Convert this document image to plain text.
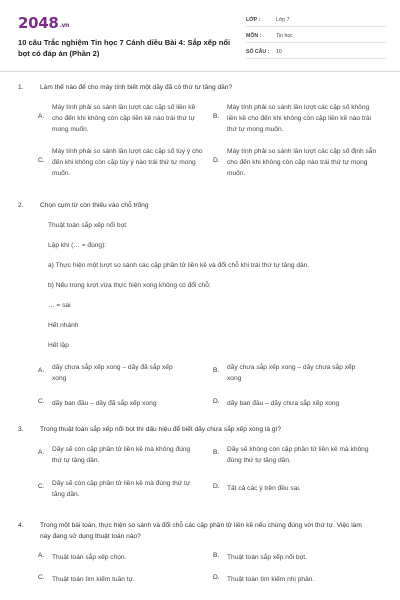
2048.vn
10 câu Trắc nghiệm Tin học 7 Cánh diều Bài 4: Sắp xếp nổi bọt có đáp án (Phần 2)
LỚP :	Lớp 7
MÔN :	Tin học
SỐ CÂU : 10
1.	Làm thế nào để cho máy tính biết một dãy đã có thứ tự tăng dần?
A.
Máy tính phải so sánh lần lượt các cặp số liền kề cho đến khi không còn cặp liền kề nào trái thứ tự mong muốn.
B.
Máy tính phải so sánh lần lượt các cặp số không liền kề cho đến khi không còn cặp liền kề nào trái thứ tự mong muốn.
C.
Máy tính phải so sánh lần lượt các cặp số tùy ý cho đến khi không còn cặp tùy ý nào trái thứ tự mong muốn.
D.
Máy tính phải so sánh lần lượt các cặp số định sẵn cho đến khi không còn cặp nào trái thứ tự mong muốn.
2.	Chọn cụm từ còn thiếu vào chỗ trống
Thuật toán sắp xếp nổi bọt
Lặp khi (… = đúng):
a) Thực hiện một lượt so sánh các cặp phần tử liền kề và đổi chỗ khi trái thứ tự tăng dần.
b) Nếu trong lượt vừa thực hiện xong không có đổi chỗ:
… = sai
Hết nhánh
Hết lặp
A. dãy chưa sắp xếp xong – dãy đã sắp xếp xong
B. dãy chưa sắp xếp xong – dãy chưa sắp xếp xong
C. dãy ban đầu – dãy đã sắp xếp xong	D. dãy ban đầu – dãy chưa sắp xếp xong
3.	Trong thuật toán sắp xếp nổi bọt thì dấu hiệu để biết dãy chưa sắp xếp xong là gì?
A. Dãy sẽ còn cặp phần tử liền kề mà không đúng thứ tự tăng dần.
B. Dãy sẽ không còn cặp phần tử liền kề mà không đúng thứ tự tăng dần.
C. Dãy sẽ còn cặp phần tử liền kề mà đúng thứ tự tăng dần.
D. Tất cả các ý trên đều sai.
4.	Trong một bài toán, thực hiện so sánh và đổi chỗ các cặp phần tử liền kề nếu chúng đúng với thứ tự. Việc làm này đang sử dụng thuật toán nào?
A. Thuật toán sắp xếp chọn.	B. Thuật toán sắp xếp nổi bọt.
C. Thuật toán tìm kiếm tuần tự.	D. Thuật toán tìm kiếm nhị phân.
